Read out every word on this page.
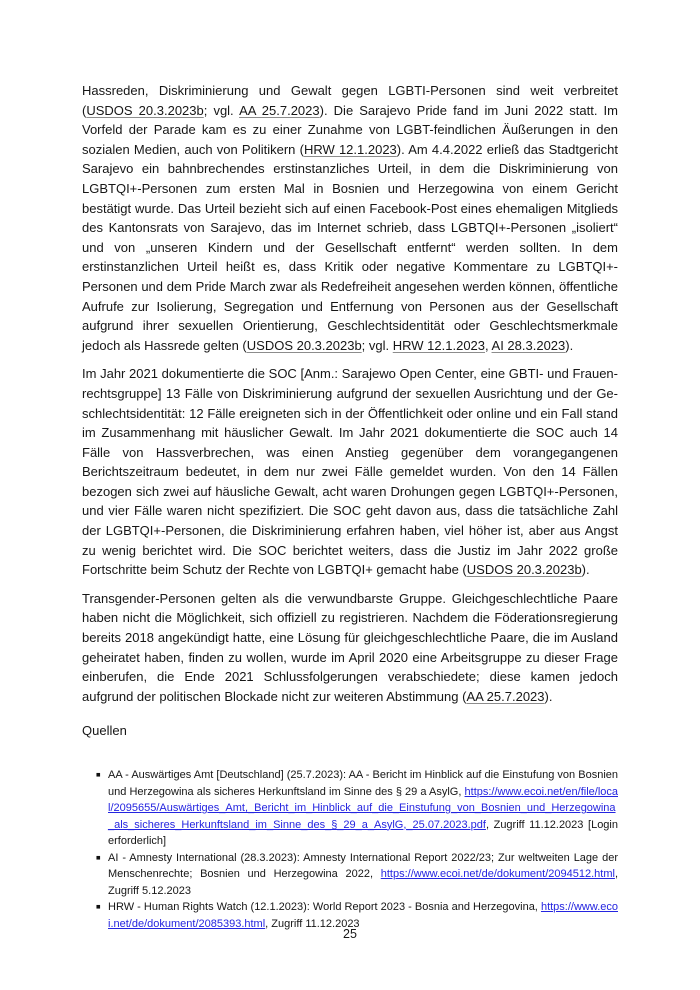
Hassreden, Diskriminierung und Gewalt gegen LGBTI-Personen sind weit verbreitet (USDOS 20.3.2023b; vgl. AA 25.7.2023). Die Sarajevo Pride fand im Juni 2022 statt. Im Vorfeld der Parade kam es zu einer Zunahme von LGBT-feindlichen Äußerungen in den sozialen Medien, auch von Politikern (HRW 12.1.2023). Am 4.4.2022 erließ das Stadtgericht Sarajevo ein bahnbrechendes erstinstanzliches Urteil, in dem die Diskriminierung von LGBTQI+-Personen zum ersten Mal in Bosnien und Herzegowina von einem Gericht bestätigt wurde. Das Urteil bezieht sich auf einen Facebook-Post eines ehemaligen Mitglieds des Kantonsrats von Sarajevo, das im Internet schrieb, dass LGBTQI+-Personen „isoliert“ und von „unseren Kindern und der Gesellschaft entfernt“ werden sollten. In dem erstinstanzlichen Urteil heißt es, dass Kritik oder negative Kommentare zu LGBTQI+-Personen und dem Pride March zwar als Redefreiheit angesehen werden können, öffentliche Aufrufe zur Isolierung, Segregation und Entfernung von Personen aus der Gesellschaft aufgrund ihrer sexuellen Orientierung, Geschlechtsidentität oder Geschlechtsmerkmale jedoch als Hassrede gelten (USDOS 20.3.2023b; vgl. HRW 12.1.2023, AI 28.3.2023).

Im Jahr 2021 dokumentierte die SOC [Anm.: Sarajewo Open Center, eine GBTI- und Frauenrechtsgruppe] 13 Fälle von Diskriminierung aufgrund der sexuellen Ausrichtung und der Geschlechtsidentität: 12 Fälle ereigneten sich in der Öffentlichkeit oder online und ein Fall stand im Zusammenhang mit häuslicher Gewalt. Im Jahr 2021 dokumentierte die SOC auch 14 Fälle von Hassverbrechen, was einen Anstieg gegenüber dem vorangegangenen Berichtszeitraum bedeutet, in dem nur zwei Fälle gemeldet wurden. Von den 14 Fällen bezogen sich zwei auf häusliche Gewalt, acht waren Drohungen gegen LGBTQI+-Personen, und vier Fälle waren nicht spezifiziert. Die SOC geht davon aus, dass die tatsächliche Zahl der LGBTQI+-Personen, die Diskriminierung erfahren haben, viel höher ist, aber aus Angst zu wenig berichtet wird. Die SOC berichtet weiters, dass die Justiz im Jahr 2022 große Fortschritte beim Schutz der Rechte von LGBTQI+ gemacht habe (USDOS 20.3.2023b).

Transgender-Personen gelten als die verwundbarste Gruppe. Gleichgeschlechtliche Paare haben nicht die Möglichkeit, sich offiziell zu registrieren. Nachdem die Föderationsregierung bereits 2018 angekündigt hatte, eine Lösung für gleichgeschlechtliche Paare, die im Ausland geheiratet haben, finden zu wollen, wurde im April 2020 eine Arbeitsgruppe zu dieser Frage einberufen, die Ende 2021 Schlussfolgerungen verabschiedete; diese kamen jedoch aufgrund der politischen Blockade nicht zur weiteren Abstimmung (AA 25.7.2023).

Quellen

■ AA - Auswärtiges Amt [Deutschland] (25.7.2023): AA - Bericht im Hinblick auf die Einstufung von Bosnien und Herzegowina als sicheres Herkunftsland im Sinne des § 29 a AsylG, https://www.ecoi.net/en/file/local/2095655/Auswärtiges_Amt,_Bericht_im_Hinblick_auf_die_Einstufung_von_Bosnien_und_Herzegowina_als_sicheres_Herkunftsland_im_Sinne_des_§_29_a_AsylG,_25.07.2023.pdf, Zugriff 11.12.2023 [Login erforderlich]
■ AI - Amnesty International (28.3.2023): Amnesty International Report 2022/23; Zur weltweiten Lage der Menschenrechte; Bosnien und Herzegowina 2022, https://www.ecoi.net/de/dokument/2094512.html, Zugriff 5.12.2023
■ HRW - Human Rights Watch (12.1.2023): World Report 2023 - Bosnia and Herzegovina, https://www.ecoi.net/de/dokument/2085393.html, Zugriff 11.12.2023
25
